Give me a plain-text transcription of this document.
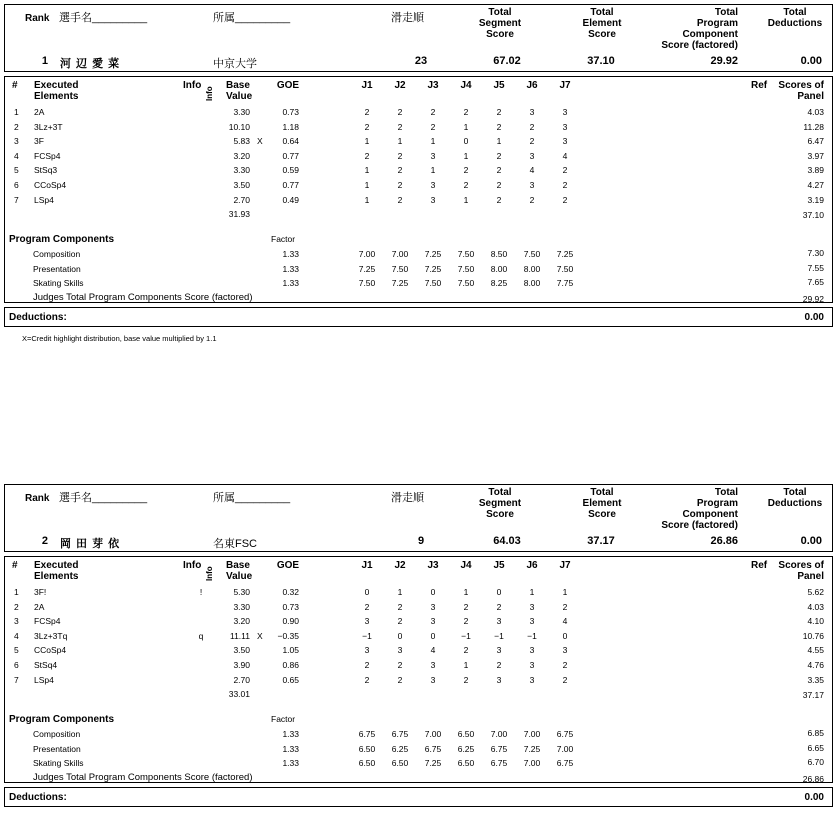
Rank 選手名_________	所属_________	滑走順	Total
Segment
Score
Total
Element
Score
Total
Program
Component
Score (factored)
Total
Deductions
1 河 辺 愛 菜	中京大学	23	67.02	37.10	29.92	0.00
# Executed
Elements
Info
Info
Base
Value
GOE	J1	J2	J3	J4	J5	J6	J7	Ref	Scores of
Panel
1 2A	3.30	0.73	2	2	2	2	2	3	3	4.03
2 3Lz+3T	10.10	1.18	2	2	2	1	2	2	3	11.28
3 3F	5.83 X	0.64	1	1	1	0	1	2	3	6.47
4 FCSp4	3.20	0.77	2	2	3	1	2	3	4	3.97
5 StSq3	3.30	0.59	1	2	1	2	2	4	2	3.89
6 CCoSp4	3.50	0.77	1	2	3	2	2	3	2	4.27
7 LSp4	2.70	0.49	1	2	3	1	2	2	2	3.19
31.93	37.10
Program Components	Factor
Composition	1.33	7.00	7.00	7.25	7.50	8.50	7.50	7.25	7.30
Presentation	1.33	7.25	7.50	7.25	7.50	8.00	8.00	7.50	7.55
Skating Skills	1.33	7.50	7.25	7.50	7.50	8.25	8.00	7.75	7.65
Judges Total Program Components Score (factored)	29.92
Deductions:	0.00
Rank 選手名_________	所属_________	滑走順	Total
Segment
Score
Total
Element
Score
Total
Program
Component
Score (factored)
Total
Deductions
2 岡 田 芽 依	名東FSC	9	64.03	37.17	26.86	0.00
# Executed
Elements
Info
Info
Base
Value
GOE	J1	J2	J3	J4	J5	J6	J7	Ref	Scores of
Panel
1 3F!	!	5.30	0.32	0	1	0	1	0	1	1	5.62
2 2A	3.30	0.73	2	2	3	2	2	3	2	4.03
3 FCSp4	3.20	0.90	3	2	3	2	3	3	4	4.10
4 3Lz+3Tq	q	11.11 X	−0.35	−1	0	0	−1	−1	−1	0	10.76
5 CCoSp4	3.50	1.05	3	3	4	2	3	3	3	4.55
6 StSq4	3.90	0.86	2	2	3	1	2	3	2	4.76
7 LSp4	2.70	0.65	2	2	3	2	3	3	2	3.35
33.01	37.17
Program Components	Factor
Composition	1.33	6.75	6.75	7.00	6.50	7.00	7.00	6.75	6.85
Presentation	1.33	6.50	6.25	6.75	6.25	6.75	7.25	7.00	6.65
Skating Skills	1.33	6.50	6.50	7.25	6.50	6.75	7.00	6.75	6.70
Judges Total Program Components Score (factored)	26.86
Deductions:	0.00
X=Credit highlight distribution, base value multiplied by 1.1
